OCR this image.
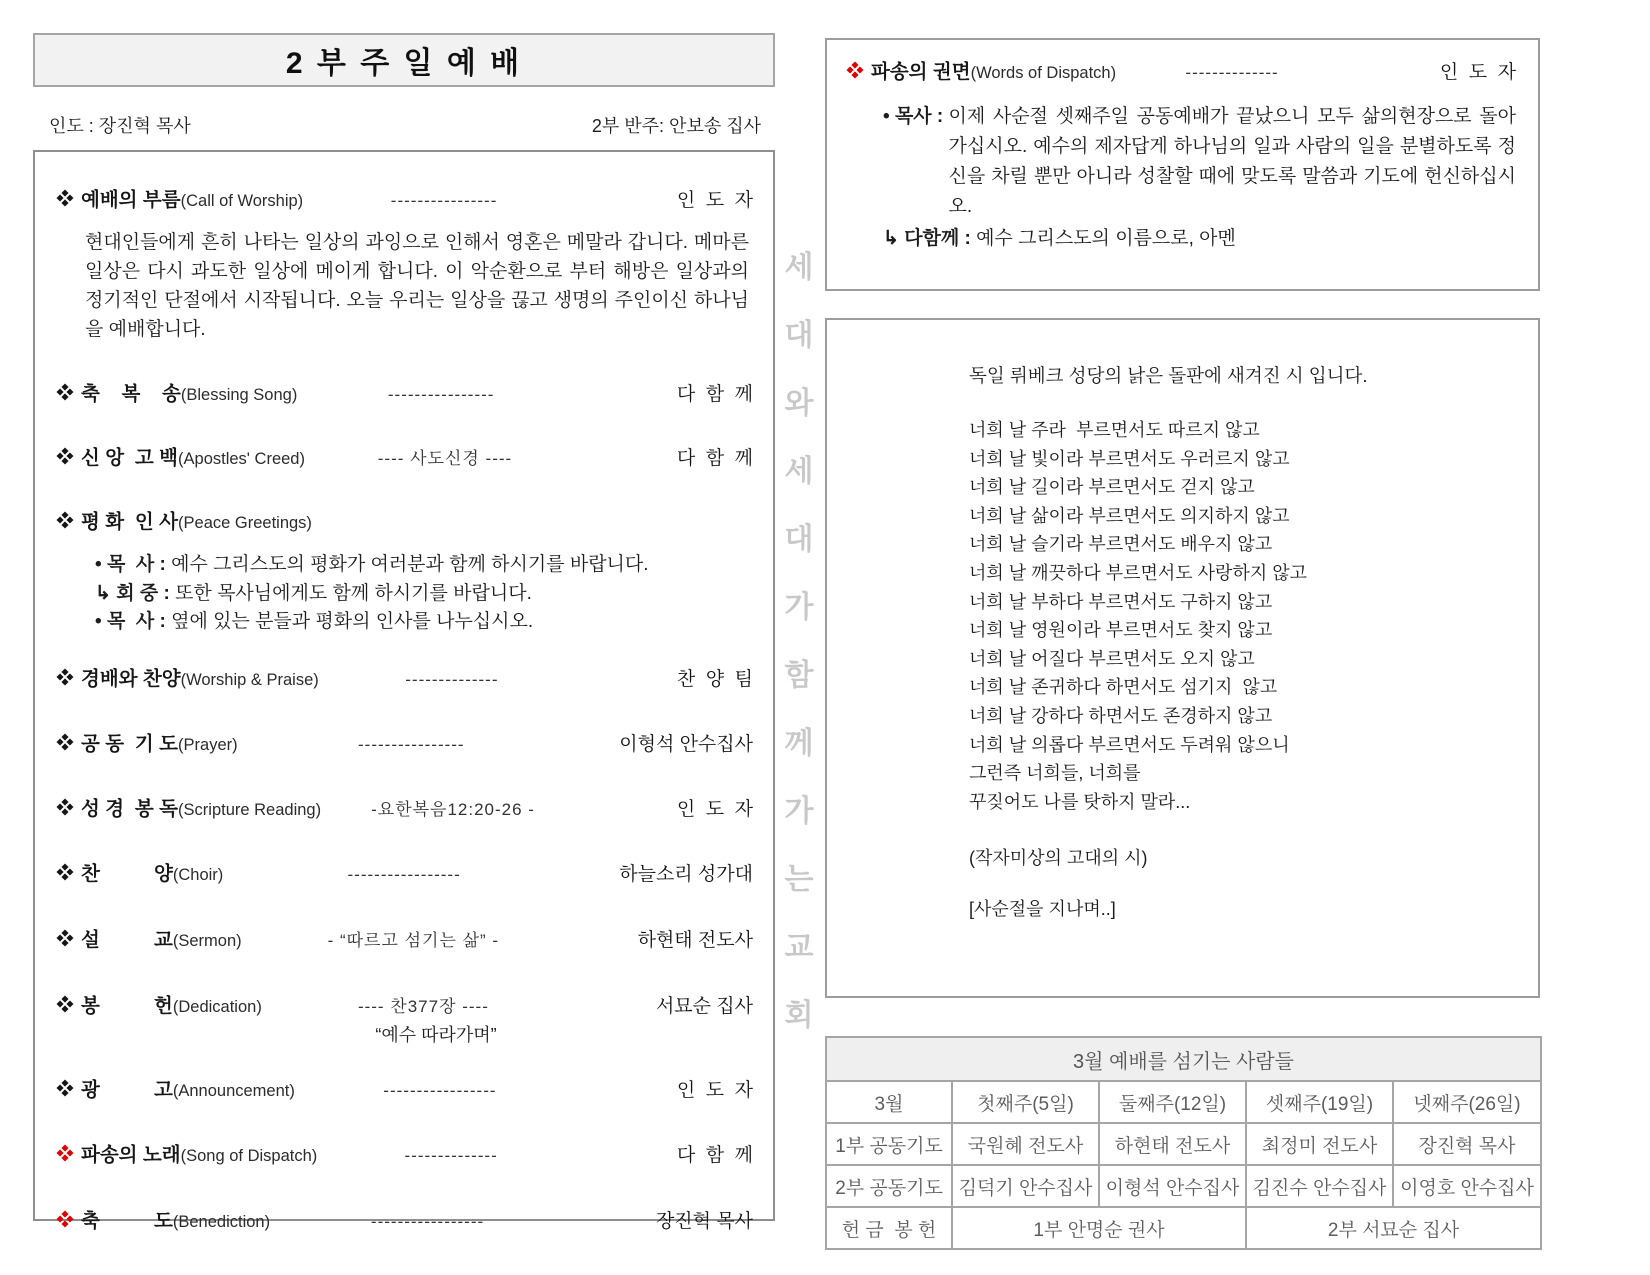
2 부 주 일 예 배
인도 : 장진혁 목사	2부 반주: 안보송 집사
예배의 부름 (Call of Worship)	----------------	인  도  자
현대인들에게 흔히 나타는 일상의 과잉으로 인해서 영혼은 메말라 갑니다. 메마른 일상은 다시 과도한 일상에 메이게 합니다. 이 악순환으로 부터 해방은 일상과의 정기적인 단절에서 시작됩니다. 오늘 우리는 일상을 끊고 생명의 주인이신 하나님을 예배합니다.
축    복    송 (Blessing Song)	----------------	다  함  께
신 앙  고 백 (Apostles' Creed)	---- 사도신경 ----	다  함  께
평 화  인 사 (Peace Greetings)
• 목  사 : 예수 그리스도의 평화가 여러분과 함께 하시기를 바랍니다.
↳ 회 중 : 또한 목사님에게도 함께 하시기를 바랍니다.
• 목  사 : 옆에 있는 분들과 평화의 인사를 나누십시오.
경배와 찬양 (Worship & Praise)	--------------	찬  양  팀
공 동  기 도 (Prayer)	----------------	이형석 안수집사
성 경  봉 독 (Scripture Reading)	-요한복음12:20-26 -	인  도  자
찬          양 (Choir)	-----------------	하늘소리 성가대
설          교 (Sermon)	- “따르고 섬기는 삶” -	하현태 전도사
봉          헌 (Dedication)	---- 찬377장 ----	서묘순 집사
“예수 따라가며”
광          고 (Announcement)	-----------------	인  도  자
파송의 노래 (Song of Dispatch)	--------------	다  함  께
축          도 (Benediction)	-----------------	장진혁 목사
세
대
와
세
대
가
함
께
가
는
교
회
파송의 권면 (Words of Dispatch)	--------------	인  도  자
• 목사 : 이제 사순절 셋째주일 공동예배가 끝났으니 모두 삶의현장으로 돌아가십시오. 예수의 제자답게 하나님의 일과 사람의 일을 분별하도록 정신을 차릴 뿐만 아니라 성찰할 때에 맞도록 말씀과 기도에 헌신하십시오.
↳ 다함께 : 예수 그리스도의 이름으로, 아멘
독일 뤼베크 성당의 낡은 돌판에 새겨진 시 입니다.
너희 날 주라  부르면서도 따르지 않고
너희 날 빛이라 부르면서도 우러르지 않고
너희 날 길이라 부르면서도 걷지 않고
너희 날 삶이라 부르면서도 의지하지 않고
너희 날 슬기라 부르면서도 배우지 않고
너희 날 깨끗하다 부르면서도 사랑하지 않고
너희 날 부하다 부르면서도 구하지 않고
너희 날 영원이라 부르면서도 찾지 않고
너희 날 어질다 부르면서도 오지 않고
너희 날 존귀하다 하면서도 섬기지  않고
너희 날 강하다 하면서도 존경하지 않고
너희 날 의롭다 부르면서도 두려워 않으니
그런즉 너희들, 너희를
꾸짖어도 나를 탓하지 말라...
(작자미상의 고대의 시)
[사순절을 지나며..]
3월 예배를 섬기는 사람들				
3월	첫째주(5일)	둘째주(12일)	셋째주(19일)	넷째주(26일)
1부 공동기도	국원혜 전도사	하현태 전도사	최정미 전도사	장진혁 목사
2부 공동기도	김덕기 안수집사	이형석 안수집사	김진수 안수집사	이영호 안수집사
헌 금  봉 헌	1부 안명순 권사		2부 서묘순 집사	
